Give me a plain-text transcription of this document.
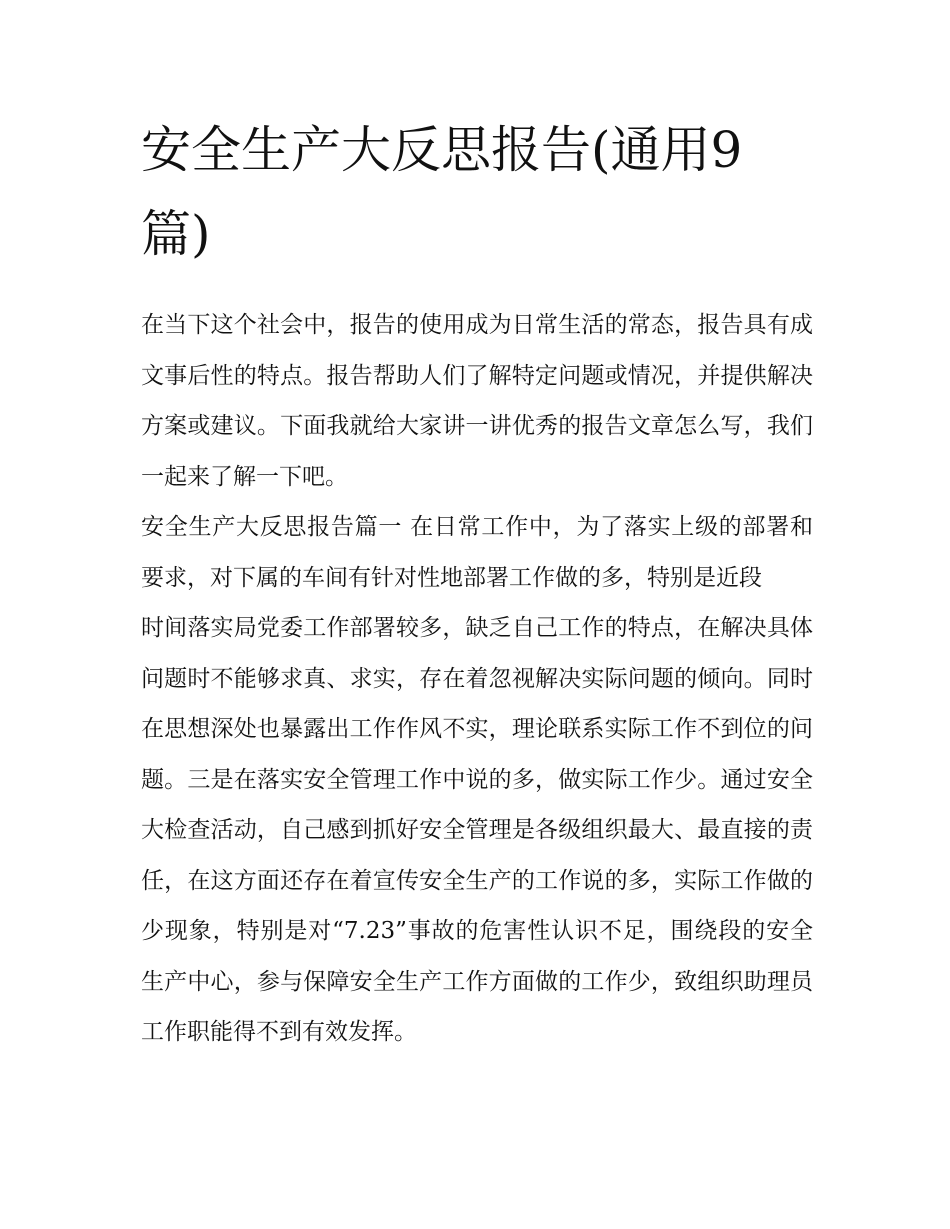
安全生产大反思报告(通用9篇)

在当下这个社会中，报告的使用成为日常生活的常态，报告具有成文事后性的特点。报告帮助人们了解特定问题或情况，并提供解决方案或建议。下面我就给大家讲一讲优秀的报告文章怎么写，我们一起来了解一下吧。

安全生产大反思报告篇一 在日常工作中，为了落实上级的部署和要求，对下属的车间有针对性地部署工作做的多，特别是近段

时间落实局党委工作部署较多，缺乏自己工作的特点，在解决具体问题时不能够求真、求实，存在着忽视解决实际问题的倾向。同时在思想深处也暴露出工作作风不实，理论联系实际工作不到位的问题。三是在落实安全管理工作中说的多，做实际工作少。通过安全大检查活动，自己感到抓好安全管理是各级组织最大、最直接的责任，在这方面还存在着宣传安全生产的工作说的多，实际工作做的少现象，特别是对“7.23”事故的危害性认识不足，围绕段的安全生产中心，参与保障安全生产工作方面做的工作少，致组织助理员工作职能得不到有效发挥。
